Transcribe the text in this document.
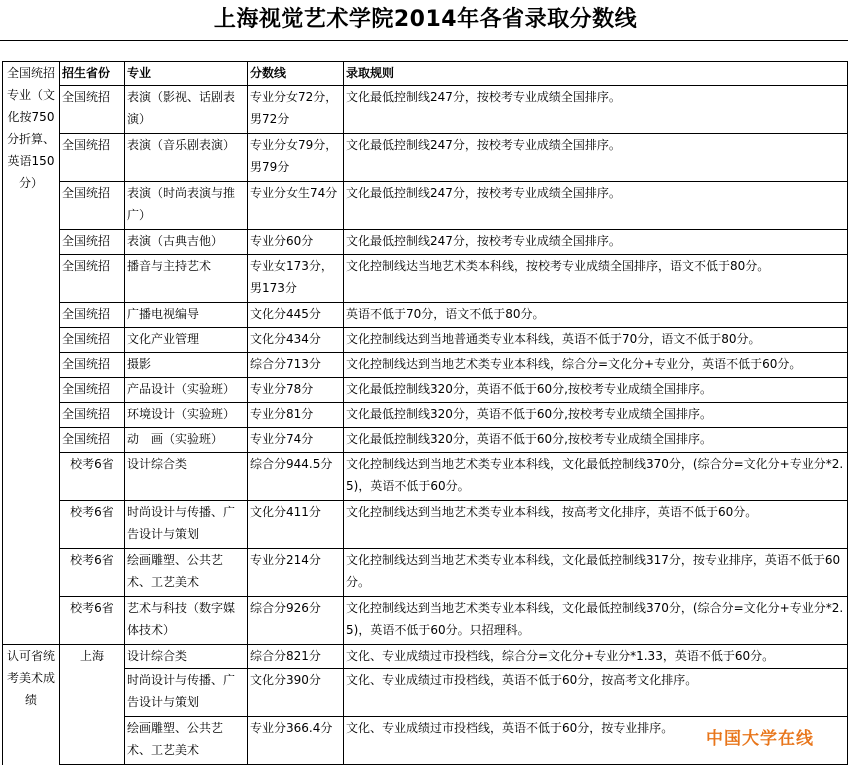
上海视觉艺术学院2014年各省录取分数线
全国统招专业（文化按750分折算、英语150分）	招生省份	专业	分数线	录取规则
	全国统招	表演（影视、话剧表演）	专业分女72分，男72分	文化最低控制线247分，按校考专业成绩全国排序。
	全国统招	表演（音乐剧表演）	专业分女79分，男79分	文化最低控制线247分，按校考专业成绩全国排序。
	全国统招	表演（时尚表演与推广）	专业分女生74分	文化最低控制线247分，按校考专业成绩全国排序。
	全国统招	表演（古典吉他）	专业分60分	文化最低控制线247分，按校考专业成绩全国排序。
	全国统招	播音与主持艺术	专业女173分，男173分	文化控制线达当地艺术类本科线，按校考专业成绩全国排序，语文不低于80分。
	全国统招	广播电视编导	文化分445分	英语不低于70分，语文不低于80分。
	全国统招	文化产业管理	文化分434分	文化控制线达到当地普通类专业本科线，英语不低于70分，语文不低于80分。
	全国统招	摄影	综合分713分	文化控制线达到当地艺术类专业本科线，综合分=文化分+专业分，英语不低于60分。
	全国统招	产品设计（实验班）	专业分78分	文化最低控制线320分，英语不低于60分,按校考专业成绩全国排序。
	全国统招	环境设计（实验班）	专业分81分	文化最低控制线320分，英语不低于60分,按校考专业成绩全国排序。
	全国统招	动　画（实验班）	专业分74分	文化最低控制线320分，英语不低于60分,按校考专业成绩全国排序。
	校考6省	设计综合类	综合分944.5分	文化控制线达到当地艺术类专业本科线，文化最低控制线370分，(综合分=文化分+专业分*2.5)，英语不低于60分。
	校考6省	时尚设计与传播、广告设计与策划	文化分411分	文化控制线达到当地艺术类专业本科线，按高考文化排序，英语不低于60分。
	校考6省	绘画雕塑、公共艺术、工艺美术	专业分214分	文化控制线达到当地艺术类专业本科线，文化最低控制线317分，按专业排序，英语不低于60分。
	校考6省	艺术与科技（数字媒体技术）	综合分926分	文化控制线达到当地艺术类专业本科线，文化最低控制线370分，(综合分=文化分+专业分*2.5)，英语不低于60分。只招理科。
认可省统考美术成绩	上海	设计综合类	综合分821分	文化、专业成绩过市投档线，综合分=文化分+专业分*1.33，英语不低于60分。
		时尚设计与传播、广告设计与策划	文化分390分	文化、专业成绩过市投档线，英语不低于60分，按高考文化排序。
		绘画雕塑、公共艺术、工艺美术	专业分366.4分	文化、专业成绩过市投档线，英语不低于60分，按专业排序。
中国大学在线
